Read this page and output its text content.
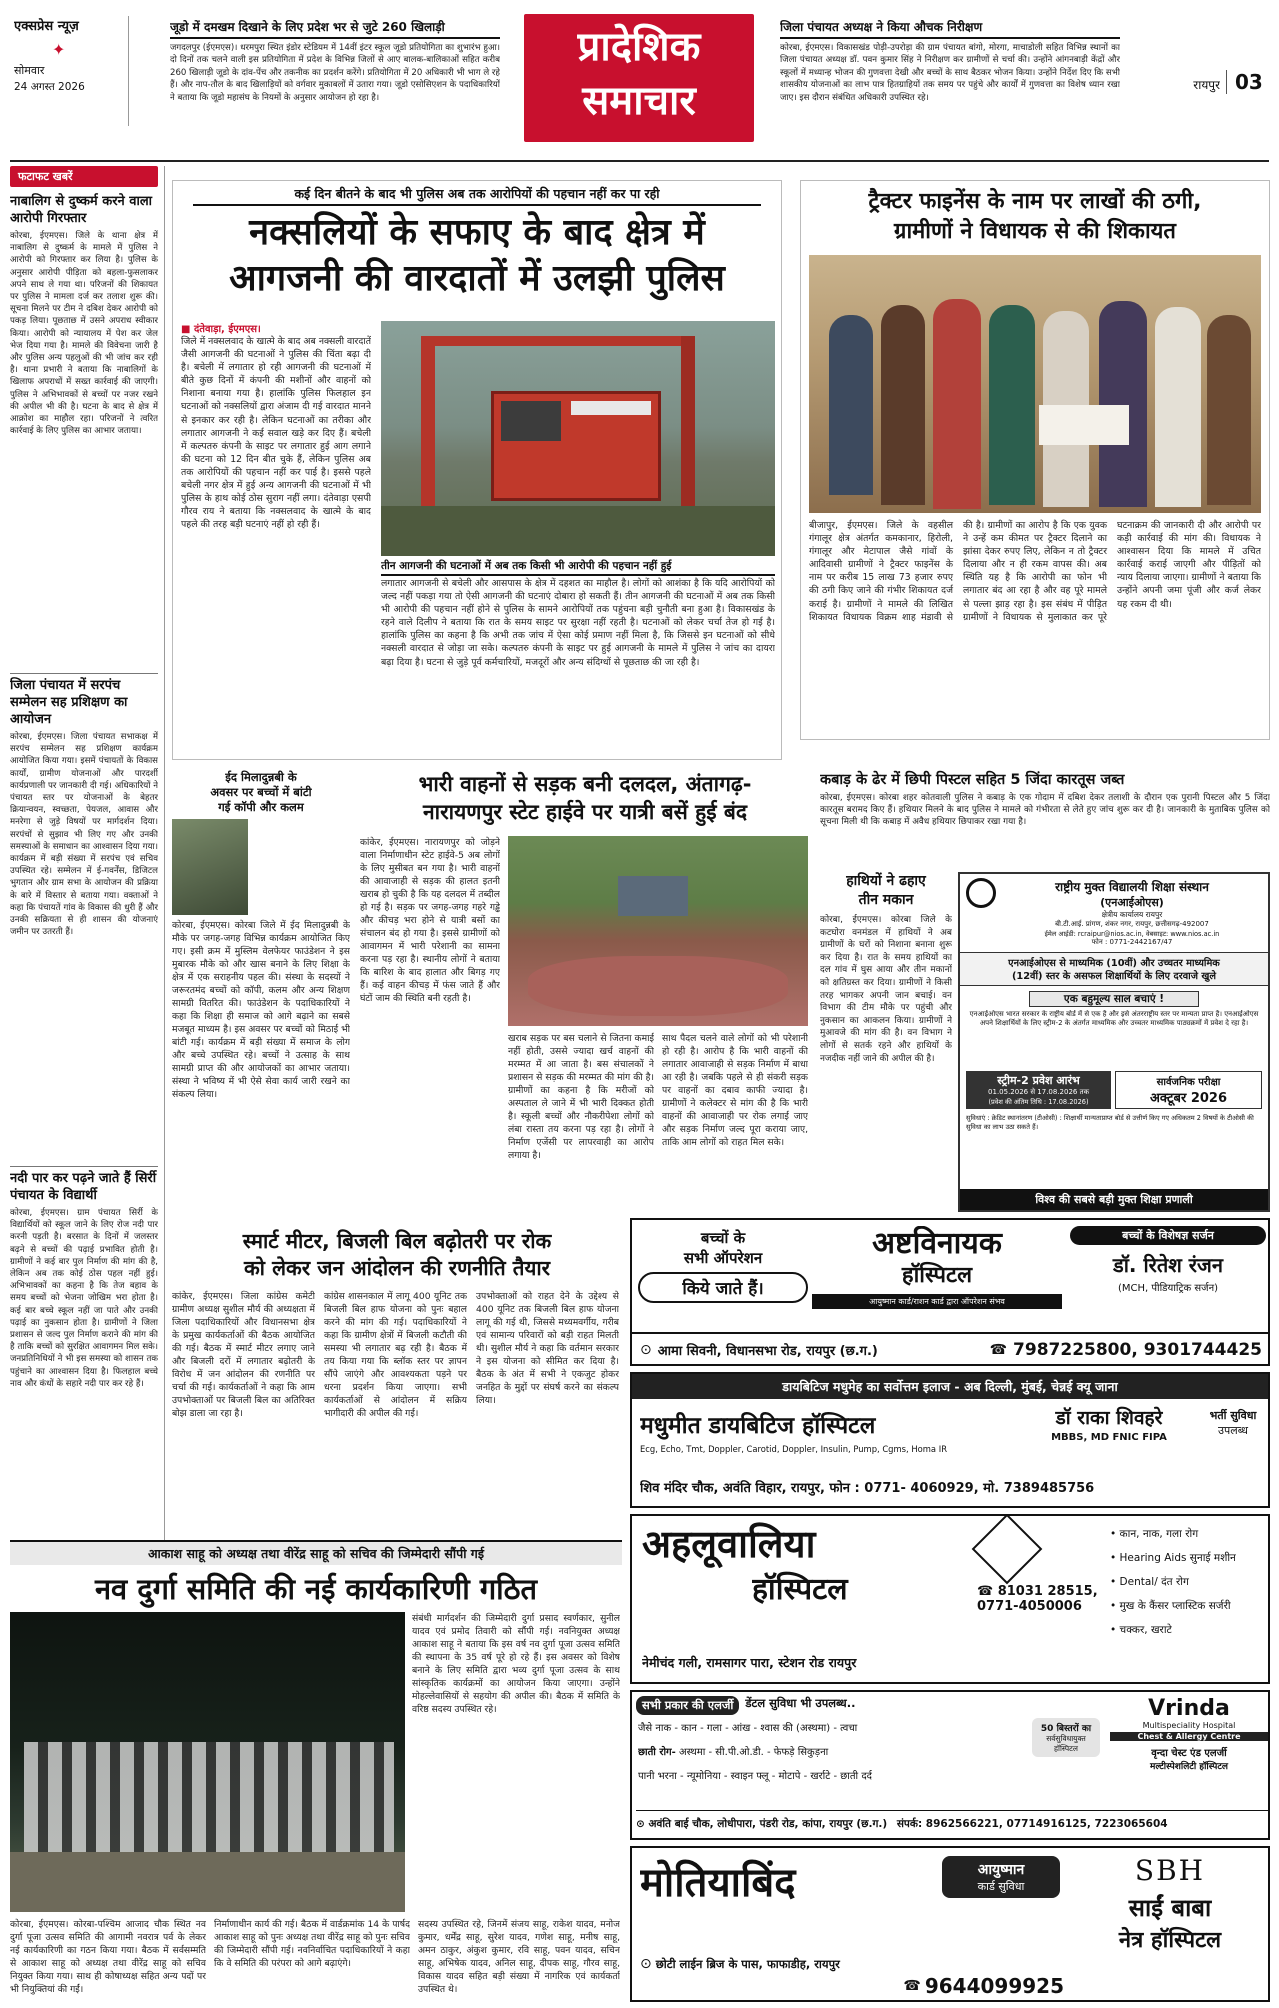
एक्सप्रेस न्यूज़
✦
सोमवार
24 अगस्त 2026
जूडो में दमखम दिखाने के लिए प्रदेश भर से जुटे 260 खिलाड़ी
जगदलपुर (ईएमएस)। धरमपुरा स्थित इंडोर स्टेडियम में 14वीं इंटर स्कूल जूडो प्रतियोगिता का शुभारंभ हुआ। दो दिनों तक चलने वाली इस प्रतियोगिता में प्रदेश के विभिन्न जिलों से आए बालक-बालिकाओं सहित करीब 260 खिलाड़ी जूडो के दांव-पेंच और तकनीक का प्रदर्शन करेंगे। प्रतियोगिता में 20 अधिकारी भी भाग ले रहे हैं। और नाप-तौल के बाद खिलाड़ियों को वर्गवार मुकाबलों में उतारा गया। जूडो एसोसिएशन के पदाधिकारियों ने बताया कि जूडो महासंघ के नियमों के अनुसार आयोजन हो रहा है।
प्रादेशिक
समाचार
जिला पंचायत अध्यक्ष ने किया औचक निरीक्षण
कोरबा, ईएमएस। विकासखंड पोड़ी-उपरोड़ा की ग्राम पंचायत बांगो, मोरगा, माचाडोली सहित विभिन्न स्थानों का जिला पंचायत अध्यक्ष डॉ. पवन कुमार सिंह ने निरीक्षण कर ग्रामीणों से चर्चा की। उन्होंने आंगनबाड़ी केंद्रों और स्कूलों में मध्यान्ह भोजन की गुणवत्ता देखी और बच्चों के साथ बैठकर भोजन किया। उन्होंने निर्देश दिए कि सभी शासकीय योजनाओं का लाभ पात्र हितग्राहियों तक समय पर पहुंचे और कार्यों में गुणवत्ता का विशेष ध्यान रखा जाए। इस दौरान संबंधित अधिकारी उपस्थित रहे।
रायपुर 03
फटाफट खबरें
नाबालिग से दुष्कर्म करने वाला आरोपी गिरफ्तार
कोरबा, ईएमएस। जिले के थाना क्षेत्र में नाबालिग से दुष्कर्म के मामले में पुलिस ने आरोपी को गिरफ्तार कर लिया है। पुलिस के अनुसार आरोपी पीड़िता को बहला-फुसलाकर अपने साथ ले गया था। परिजनों की शिकायत पर पुलिस ने मामला दर्ज कर तलाश शुरू की। सूचना मिलने पर टीम ने दबिश देकर आरोपी को पकड़ लिया। पूछताछ में उसने अपराध स्वीकार किया। आरोपी को न्यायालय में पेश कर जेल भेज दिया गया है। मामले की विवेचना जारी है और पुलिस अन्य पहलुओं की भी जांच कर रही है। थाना प्रभारी ने बताया कि नाबालिगों के खिलाफ अपराधों में सख्त कार्रवाई की जाएगी। पुलिस ने अभिभावकों से बच्चों पर नजर रखने की अपील भी की है। घटना के बाद से क्षेत्र में आक्रोश का माहौल रहा। परिजनों ने त्वरित कार्रवाई के लिए पुलिस का आभार जताया।
जिला पंचायत में सरपंच सम्मेलन सह प्रशिक्षण का आयोजन
कोरबा, ईएमएस। जिला पंचायत सभाकक्ष में सरपंच सम्मेलन सह प्रशिक्षण कार्यक्रम आयोजित किया गया। इसमें पंचायतों के विकास कार्यों, ग्रामीण योजनाओं और पारदर्शी कार्यप्रणाली पर जानकारी दी गई। अधिकारियों ने पंचायत स्तर पर योजनाओं के बेहतर क्रियान्वयन, स्वच्छता, पेयजल, आवास और मनरेगा से जुड़े विषयों पर मार्गदर्शन दिया। सरपंचों से सुझाव भी लिए गए और उनकी समस्याओं के समाधान का आश्वासन दिया गया। कार्यक्रम में बड़ी संख्या में सरपंच एवं सचिव उपस्थित रहे। सम्मेलन में ई-गवर्नेंस, डिजिटल भुगतान और ग्राम सभा के आयोजन की प्रक्रिया के बारे में विस्तार से बताया गया। वक्ताओं ने कहा कि पंचायतें गांव के विकास की धुरी हैं और उनकी सक्रियता से ही शासन की योजनाएं जमीन पर उतरती हैं।
नदी पार कर पढ़ने जाते हैं सिर्री पंचायत के विद्यार्थी
कोरबा, ईएमएस। ग्राम पंचायत सिर्री के विद्यार्थियों को स्कूल जाने के लिए रोज नदी पार करनी पड़ती है। बरसात के दिनों में जलस्तर बढ़ने से बच्चों की पढ़ाई प्रभावित होती है। ग्रामीणों ने कई बार पुल निर्माण की मांग की है, लेकिन अब तक कोई ठोस पहल नहीं हुई। अभिभावकों का कहना है कि तेज बहाव के समय बच्चों को भेजना जोखिम भरा होता है। कई बार बच्चे स्कूल नहीं जा पाते और उनकी पढ़ाई का नुकसान होता है। ग्रामीणों ने जिला प्रशासन से जल्द पुल निर्माण कराने की मांग की है ताकि बच्चों को सुरक्षित आवागमन मिल सके। जनप्रतिनिधियों ने भी इस समस्या को शासन तक पहुंचाने का आश्वासन दिया है। फिलहाल बच्चे नाव और कंधों के सहारे नदी पार कर रहे हैं।
कई दिन बीतने के बाद भी पुलिस अब तक आरोपियों की पहचान नहीं कर पा रही
नक्सलियों के सफाए के बाद क्षेत्र में
आगजनी की वारदातों में उलझी पुलिस
■ दंतेवाड़ा, ईएमएस।
जिले में नक्सलवाद के खात्मे के बाद अब नक्सली वारदातें जैसी आगजनी की घटनाओं ने पुलिस की चिंता बढ़ा दी है। बचेली में लगातार हो रही आगजनी की घटनाओं में बीते कुछ दिनों में कंपनी की मशीनों और वाहनों को निशाना बनाया गया है। हालांकि पुलिस फिलहाल इन घटनाओं को नक्सलियों द्वारा अंजाम दी गई वारदात मानने से इनकार कर रही है। लेकिन घटनाओं का तरीका और लगातार आगजनी ने कई सवाल खड़े कर दिए हैं। बचेली में कल्पतरु कंपनी के साइट पर लगातार हुई आग लगाने की घटना को 12 दिन बीत चुके हैं, लेकिन पुलिस अब तक आरोपियों की पहचान नहीं कर पाई है। इससे पहले बचेली नगर क्षेत्र में हुई अन्य आगजनी की घटनाओं में भी पुलिस के हाथ कोई ठोस सुराग नहीं लगा। दंतेवाड़ा एसपी गौरव राय ने बताया कि नक्सलवाद के खात्मे के बाद पहले की तरह बड़ी घटनाएं नहीं हो रही हैं।
तीन आगजनी की घटनाओं में अब तक किसी भी आरोपी की पहचान नहीं हुई
लगातार आगजनी से बचेली और आसपास के क्षेत्र में दहशत का माहौल है। लोगों को आशंका है कि यदि आरोपियों को जल्द नहीं पकड़ा गया तो ऐसी आगजनी की घटनाएं दोबारा हो सकती हैं। तीन आगजनी की घटनाओं में अब तक किसी भी आरोपी की पहचान नहीं होने से पुलिस के सामने आरोपियों तक पहुंचना बड़ी चुनौती बना हुआ है। विकासखंड के रहने वाले दिलीप ने बताया कि रात के समय साइट पर सुरक्षा नहीं रहती है। घटनाओं को लेकर चर्चा तेज हो गई है। हालांकि पुलिस का कहना है कि अभी तक जांच में ऐसा कोई प्रमाण नहीं मिला है, कि जिससे इन घटनाओं को सीधे नक्सली वारदात से जोड़ा जा सके। कल्पतरु कंपनी के साइट पर हुई आगजनी के मामले में पुलिस ने जांच का दायरा बढ़ा दिया है। घटना से जुड़े पूर्व कर्मचारियों, मजदूरों और अन्य संदिग्धों से पूछताछ की जा रही है।
ट्रैक्टर फाइनेंस के नाम पर लाखों की ठगी,
ग्रामीणों ने विधायक से की शिकायत
बीजापुर, ईएमएस। जिले के वहसील गंगालूर क्षेत्र अंतर्गत कमकानार, हिरोली, गंगालूर और मेटापाल जैसे गांवों के आदिवासी ग्रामीणों ने ट्रैक्टर फाइनेंस के नाम पर करीब 15 लाख 73 हजार रुपए की ठगी किए जाने की गंभीर शिकायत दर्ज कराई है। ग्रामीणों ने मामले की लिखित शिकायत विधायक विक्रम शाह मंडावी से की है। ग्रामीणों का आरोप है कि एक युवक ने उन्हें कम कीमत पर ट्रैक्टर दिलाने का झांसा देकर रुपए लिए, लेकिन न तो ट्रैक्टर दिलाया और न ही रकम वापस की। अब स्थिति यह है कि आरोपी का फोन भी लगातार बंद आ रहा है और वह पूरे मामले से पल्ला झाड़ रहा है। इस संबंध में पीड़ित ग्रामीणों ने विधायक से मुलाकात कर पूरे घटनाक्रम की जानकारी दी और आरोपी पर कड़ी कार्रवाई की मांग की। विधायक ने आश्वासन दिया कि मामले में उचित कार्रवाई कराई जाएगी और पीड़ितों को न्याय दिलाया जाएगा। ग्रामीणों ने बताया कि उन्होंने अपनी जमा पूंजी और कर्ज लेकर यह रकम दी थी।
ईद मिलादुन्नबी के
अवसर पर बच्चों में बांटी
गई कॉपी और कलम
कोरबा, ईएमएस। कोरबा जिले में ईद मिलादुन्नबी के मौके पर जगह-जगह विभिन्न कार्यक्रम आयोजित किए गए। इसी क्रम में मुस्लिम वेलफेयर फाउंडेशन ने इस मुबारक मौके को और खास बनाने के लिए शिक्षा के क्षेत्र में एक सराहनीय पहल की। संस्था के सदस्यों ने जरूरतमंद बच्चों को कॉपी, कलम और अन्य शिक्षण सामग्री वितरित की। फाउंडेशन के पदाधिकारियों ने कहा कि शिक्षा ही समाज को आगे बढ़ाने का सबसे मजबूत माध्यम है। इस अवसर पर बच्चों को मिठाई भी बांटी गई। कार्यक्रम में बड़ी संख्या में समाज के लोग और बच्चे उपस्थित रहे। बच्चों ने उत्साह के साथ सामग्री प्राप्त की और आयोजकों का आभार जताया। संस्था ने भविष्य में भी ऐसे सेवा कार्य जारी रखने का संकल्प लिया।
भारी वाहनों से सड़क बनी दलदल, अंतागढ़-
नारायणपुर स्टेट हाईवे पर यात्री बसें हुई बंद
कांकेर, ईएमएस। नारायणपुर को जोड़ने वाला निर्माणाधीन स्टेट हाईवे-5 अब लोगों के लिए मुसीबत बन गया है। भारी वाहनों की आवाजाही से सड़क की हालत इतनी खराब हो चुकी है कि यह दलदल में तब्दील हो गई है। सड़क पर जगह-जगह गहरे गड्ढे और कीचड़ भरा होने से यात्री बसों का संचालन बंद हो गया है। इससे ग्रामीणों को आवागमन में भारी परेशानी का सामना करना पड़ रहा है। स्थानीय लोगों ने बताया कि बारिश के बाद हालात और बिगड़ गए हैं। कई वाहन कीचड़ में फंस जाते हैं और घंटों जाम की स्थिति बनी रहती है।
खराब सड़क पर बस चलाने से जितना कमाई नहीं होती, उससे ज्यादा खर्च वाहनों की मरम्मत में आ जाता है। बस संचालकों ने प्रशासन से सड़क की मरम्मत की मांग की है। ग्रामीणों का कहना है कि मरीजों को अस्पताल ले जाने में भी भारी दिक्कत होती है। स्कूली बच्चों और नौकरीपेशा लोगों को लंबा रास्ता तय करना पड़ रहा है। लोगों ने निर्माण एजेंसी पर लापरवाही का आरोप लगाया है।
साथ पैदल चलने वाले लोगों को भी परेशानी हो रही है। आरोप है कि भारी वाहनों की लगातार आवाजाही से सड़क निर्माण में बाधा आ रही है। जबकि पहले से ही संकरी सड़क पर वाहनों का दबाव काफी ज्यादा है। ग्रामीणों ने कलेक्टर से मांग की है कि भारी वाहनों की आवाजाही पर रोक लगाई जाए और सड़क निर्माण जल्द पूरा कराया जाए, ताकि आम लोगों को राहत मिल सके।
कबाड़ के ढेर में छिपी पिस्टल सहित 5 जिंदा कारतूस जब्त
कोरबा, ईएमएस। कोरबा शहर कोतवाली पुलिस ने कबाड़ के एक गोदाम में दबिश देकर तलाशी के दौरान एक पुरानी पिस्टल और 5 जिंदा कारतूस बरामद किए हैं। हथियार मिलने के बाद पुलिस ने मामले को गंभीरता से लेते हुए जांच शुरू कर दी है। जानकारी के मुताबिक पुलिस को सूचना मिली थी कि कबाड़ में अवैध हथियार छिपाकर रखा गया है।
हाथियों ने ढहाए
तीन मकान
कोरबा, ईएमएस। कोरबा जिले के कटघोरा वनमंडल में हाथियों ने अब ग्रामीणों के घरों को निशाना बनाना शुरू कर दिया है। रात के समय हाथियों का दल गांव में घुस आया और तीन मकानों को क्षतिग्रस्त कर दिया। ग्रामीणों ने किसी तरह भागकर अपनी जान बचाई। वन विभाग की टीम मौके पर पहुंची और नुकसान का आकलन किया। ग्रामीणों ने मुआवजे की मांग की है। वन विभाग ने लोगों से सतर्क रहने और हाथियों के नजदीक नहीं जाने की अपील की है।
राष्ट्रीय मुक्त विद्यालयी शिक्षा संस्थान
(एनआईओएस)
क्षेत्रीय कार्यालय रायपुर
बी.टी.आई. प्रांगण, शंकर नगर, रायपुर, छत्तीसगढ़-492007
ईमेल आईडी: rcraipur@nios.ac.in, वेबसाइट: www.nios.ac.in
फोन : 0771-2442167/47
एनआईओएस से माध्यमिक (10वीं) और उच्चतर माध्यमिक
(12वीं) स्तर के असफल शिक्षार्थियों के लिए दरवाजे खुले
एक बहुमूल्य साल बचाएं !
एनआईओएस भारत सरकार के राष्ट्रीय बोर्ड में से एक है और इसे अंतरराष्ट्रीय स्तर पर मान्यता प्राप्त है। एनआईओएस अपने शिक्षार्थियों के लिए स्ट्रीम-2 के अंतर्गत माध्यमिक और उच्चतर माध्यमिक पाठ्यक्रमों में प्रवेश दे रहा है।
स्ट्रीम-2 प्रवेश आरंभ
01.05.2026 से 17.08.2026 तक
(प्रवेश की अंतिम तिथि : 17.08.2026)
सार्वजनिक परीक्षा
अक्टूबर 2026
सुविधाएं : क्रेडिट स्थानांतरण (टीओसी) : शिक्षार्थी मान्यताप्राप्त बोर्ड से उत्तीर्ण किए गए अधिकतम 2 विषयों के टीओसी की सुविधा का लाभ उठा सकते हैं।
विश्व की सबसे बड़ी मुक्त शिक्षा प्रणाली
स्मार्ट मीटर, बिजली बिल बढ़ोतरी पर रोक
को लेकर जन आंदोलन की रणनीति तैयार
कांकेर, ईएमएस। जिला कांग्रेस कमेटी ग्रामीण अध्यक्ष सुशील मौर्य की अध्यक्षता में जिला पदाधिकारियों और विधानसभा क्षेत्र के प्रमुख कार्यकर्ताओं की बैठक आयोजित की गई। बैठक में स्मार्ट मीटर लगाए जाने और बिजली दरों में लगातार बढ़ोतरी के विरोध में जन आंदोलन की रणनीति पर चर्चा की गई। कार्यकर्ताओं ने कहा कि आम उपभोक्ताओं पर बिजली बिल का अतिरिक्त बोझ डाला जा रहा है।
कांग्रेस शासनकाल में लागू 400 यूनिट तक बिजली बिल हाफ योजना को पुनः बहाल करने की मांग की गई। पदाधिकारियों ने कहा कि ग्रामीण क्षेत्रों में बिजली कटौती की समस्या भी लगातार बढ़ रही है। बैठक में तय किया गया कि ब्लॉक स्तर पर ज्ञापन सौंपे जाएंगे और आवश्यकता पड़ने पर धरना प्रदर्शन किया जाएगा। सभी कार्यकर्ताओं से आंदोलन में सक्रिय भागीदारी की अपील की गई।
उपभोक्ताओं को राहत देने के उद्देश्य से 400 यूनिट तक बिजली बिल हाफ योजना लागू की गई थी, जिससे मध्यमवर्गीय, गरीब एवं सामान्य परिवारों को बड़ी राहत मिलती थी। सुशील मौर्य ने कहा कि वर्तमान सरकार ने इस योजना को सीमित कर दिया है। बैठक के अंत में सभी ने एकजुट होकर जनहित के मुद्दों पर संघर्ष करने का संकल्प लिया।
बच्चों के
सभी ऑपरेशन
किये जाते हैं।
अष्टविनायक
हॉस्पिटल
आयुष्मान कार्ड/राशन कार्ड द्वारा ऑपरेशन संभव
बच्चों के विशेषज्ञ सर्जन
डॉ. रितेश रंजन
(MCH, पीडियाट्रिक सर्जन)
⊙ आमा सिवनी, विधानसभा रोड, रायपुर (छ.ग.)	☎ 7987225800, 9301744425
डायबिटिज मधुमेह का सर्वोत्तम इलाज - अब दिल्ली, मुंबई, चेन्नई क्यू जाना
मधुमीत डायबिटिज हॉस्पिटल
Ecg, Echo, Tmt, Doppler, Carotid, Doppler, Insulin, Pump, Cgms, Homa IR
डॉ राका शिवहरे
MBBS, MD FNIC FIPA
भर्ती सुविधा
उपलब्ध
शिव मंदिर चौक, अवंति विहार, रायपुर, फोन : 0771- 4060929, मो. 7389485756
आकाश साहू को अध्यक्ष तथा वीरेंद्र साहू को सचिव की जिम्मेदारी सौंपी गई
नव दुर्गा समिति की नई कार्यकारिणी गठित
संबंधी मार्गदर्शन की जिम्मेदारी दुर्गा प्रसाद स्वर्णकार, सुनील यादव एवं प्रमोद तिवारी को सौंपी गई। नवनियुक्त अध्यक्ष आकाश साहू ने बताया कि इस वर्ष नव दुर्गा पूजा उत्सव समिति की स्थापना के 35 वर्ष पूरे हो रहे हैं। इस अवसर को विशेष बनाने के लिए समिति द्वारा भव्य दुर्गा पूजा उत्सव के साथ सांस्कृतिक कार्यक्रमों का आयोजन किया जाएगा। उन्होंने मोहल्लेवासियों से सहयोग की अपील की। बैठक में समिति के वरिष्ठ सदस्य उपस्थित रहे।
कोरबा, ईएमएस। कोरबा-पश्चिम आजाद चौक स्थित नव दुर्गा पूजा उत्सव समिति की आगामी नवरात्र पर्व के लेकर नई कार्यकारिणी का गठन किया गया। बैठक में सर्वसम्मति से आकाश साहू को अध्यक्ष तथा वीरेंद्र साहू को सचिव नियुक्त किया गया। साथ ही कोषाध्यक्ष सहित अन्य पदों पर भी नियुक्तियां की गईं।
निर्माणाधीन कार्य की गई। बैठक में वार्डक्रमांक 14 के पार्षद आकाश साहू को पुनः अध्यक्ष तथा वीरेंद्र साहू को पुनः सचिव की जिम्मेदारी सौंपी गई। नवनिर्वाचित पदाधिकारियों ने कहा कि वे समिति की परंपरा को आगे बढ़ाएंगे।
सदस्य उपस्थित रहे, जिनमें संजय साहू, राकेश यादव, मनोज कुमार, धर्मेंद्र साहू, सुरेश यादव, गणेश साहू, मनीष साहू, अमन ठाकुर, अंकुश कुमार, रवि साहू, पवन यादव, सचिन साहू, अभिषेक यादव, अनिल साहू, दीपक साहू, गौरव साहू, विकास यादव सहित बड़ी संख्या में नागरिक एवं कार्यकर्ता उपस्थित थे।
अहलूवालिया
हॉस्पिटल	☎ 81031 28515,
0771-4050006
• कान, नाक, गला रोग
• Hearing Aids सुनाई मशीन
• Dental/ दंत रोग
• मुख के कैंसर प्लास्टिक सर्जरी
• चक्कर, खराटे
नेमीचंद गली, रामसागर पारा, स्टेशन रोड रायपुर
सभी प्रकार की एलर्जी	डेंटल सुविधा भी उपलब्ध..
जैसे नाक - कान - गला - आंख - श्वास की (अस्थमा) - त्वचा
छाती रोग- अस्थमा - सी.पी.ओ.डी. - फेफड़े सिकुड़ना
पानी भरना - न्यूमोनिया - स्वाइन फ्लू - मोटापे - खर्राटे - छाती दर्द
50 बिस्तरों का
सर्वसुविधायुक्त हॉस्पिटल
Vrinda
Multispeciality Hospital
Chest & Allergy Centre
वृन्दा चेस्ट एंड एलर्जी
मल्टीस्पेशलिटी हॉस्पिटल
⊙ अवंति बाई चौक, लोधीपारा, पंडरी रोड, कांपा, रायपुर (छ.ग.) संपर्क: 8962566221, 07714916125, 7223065604
मोतियाबिंद	आयुष्मान
कार्ड सुविधा	SBH
साईं बाबा
नेत्र हॉस्पिटल
⊙ छोटी लाईन ब्रिज के पास, फाफाडीह, रायपुर
☎ 9644099925
